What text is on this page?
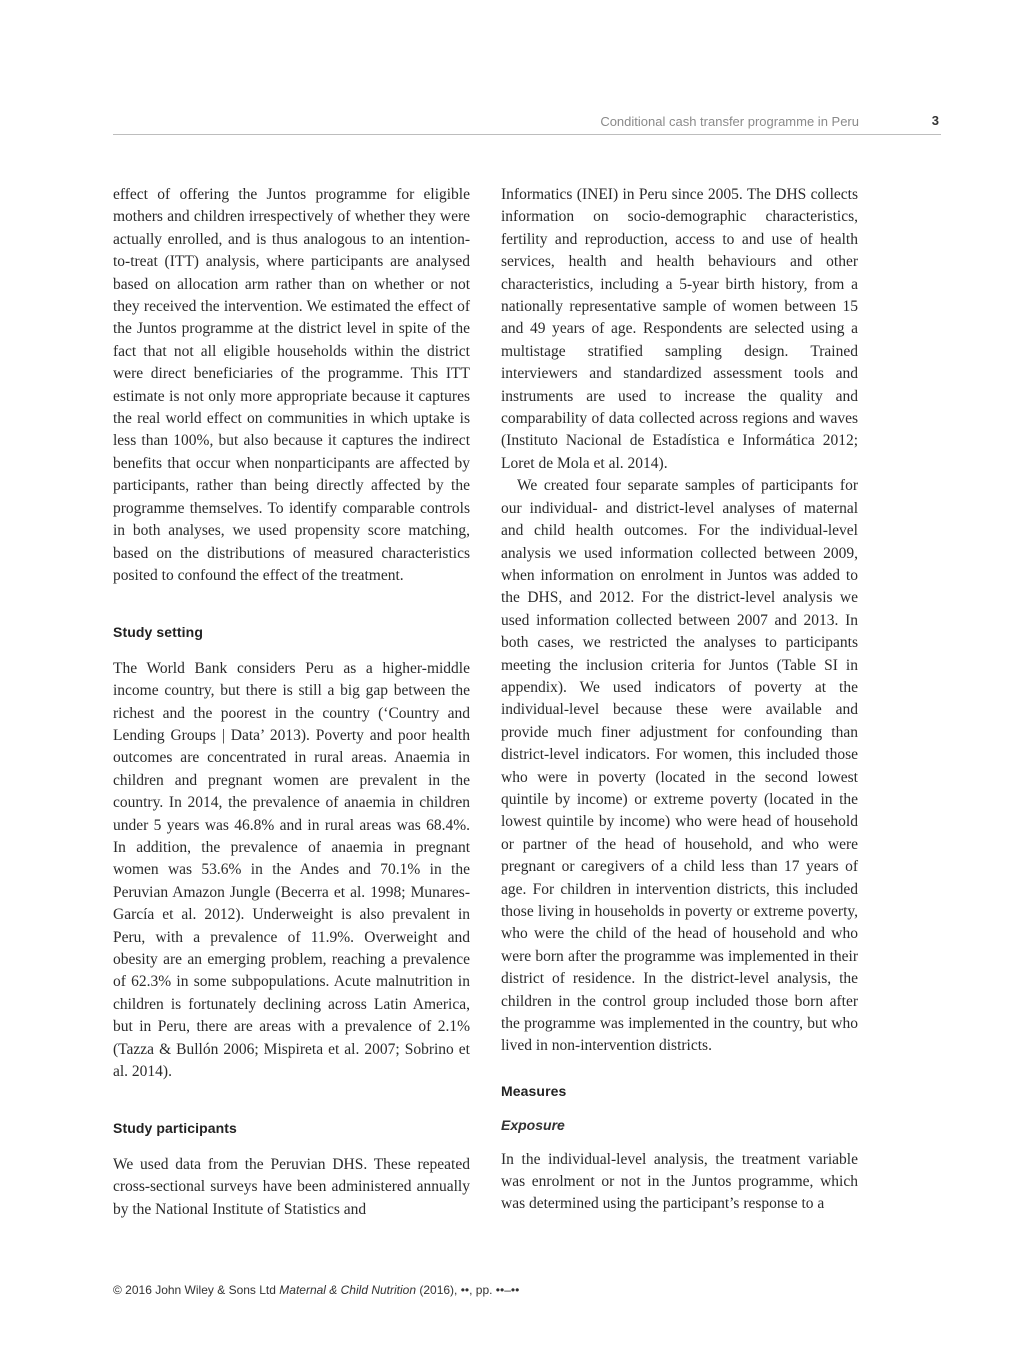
Conditional cash transfer programme in Peru	3

effect of offering the Juntos programme for eligible mothers and children irrespectively of whether they were actually enrolled, and is thus analogous to an intention-to-treat (ITT) analysis, where participants are analysed based on allocation arm rather than on whether or not they received the intervention. We estimated the effect of the Juntos programme at the district level in spite of the fact that not all eligible households within the district were direct beneficiaries of the programme. This ITT estimate is not only more appropriate because it captures the real world effect on communities in which uptake is less than 100%, but also because it captures the indirect benefits that occur when nonparticipants are affected by participants, rather than being directly affected by the programme themselves. To identify comparable controls in both analyses, we used propensity score matching, based on the distributions of measured characteristics posited to confound the effect of the treatment.

Study setting

The World Bank considers Peru as a higher-middle income country, but there is still a big gap between the richest and the poorest in the country (‘Country and Lending Groups | Data’ 2013). Poverty and poor health outcomes are concentrated in rural areas. Anaemia in children and pregnant women are prevalent in the country. In 2014, the prevalence of anaemia in children under 5 years was 46.8% and in rural areas was 68.4%. In addition, the prevalence of anaemia in pregnant women was 53.6% in the Andes and 70.1% in the Peruvian Amazon Jungle (Becerra et al. 1998; Munares-García et al. 2012). Underweight is also prevalent in Peru, with a prevalence of 11.9%. Overweight and obesity are an emerging problem, reaching a prevalence of 62.3% in some subpopulations. Acute malnutrition in children is fortunately declining across Latin America, but in Peru, there are areas with a prevalence of 2.1% (Tazza & Bullón 2006; Mispireta et al. 2007; Sobrino et al. 2014).

Study participants

We used data from the Peruvian DHS. These repeated cross-sectional surveys have been administered annually by the National Institute of Statistics and

Informatics (INEI) in Peru since 2005. The DHS collects information on socio-demographic characteristics, fertility and reproduction, access to and use of health services, health and health behaviours and other characteristics, including a 5-year birth history, from a nationally representative sample of women between 15 and 49 years of age. Respondents are selected using a multistage stratified sampling design. Trained interviewers and standardized assessment tools and instruments are used to increase the quality and comparability of data collected across regions and waves (Instituto Nacional de Estadística e Informática 2012; Loret de Mola et al. 2014).

We created four separate samples of participants for our individual- and district-level analyses of maternal and child health outcomes. For the individual-level analysis we used information collected between 2009, when information on enrolment in Juntos was added to the DHS, and 2012. For the district-level analysis we used information collected between 2007 and 2013. In both cases, we restricted the analyses to participants meeting the inclusion criteria for Juntos (Table SI in appendix). We used indicators of poverty at the individual-level because these were available and provide much finer adjustment for confounding than district-level indicators. For women, this included those who were in poverty (located in the second lowest quintile by income) or extreme poverty (located in the lowest quintile by income) who were head of household or partner of the head of household, and who were pregnant or caregivers of a child less than 17 years of age. For children in intervention districts, this included those living in households in poverty or extreme poverty, who were the child of the head of household and who were born after the programme was implemented in their district of residence. In the district-level analysis, the children in the control group included those born after the programme was implemented in the country, but who lived in non-intervention districts.

Measures
Exposure

In the individual-level analysis, the treatment variable was enrolment or not in the Juntos programme, which was determined using the participant’s response to a

© 2016 John Wiley & Sons Ltd Maternal & Child Nutrition (2016), ••, pp. ••–••
